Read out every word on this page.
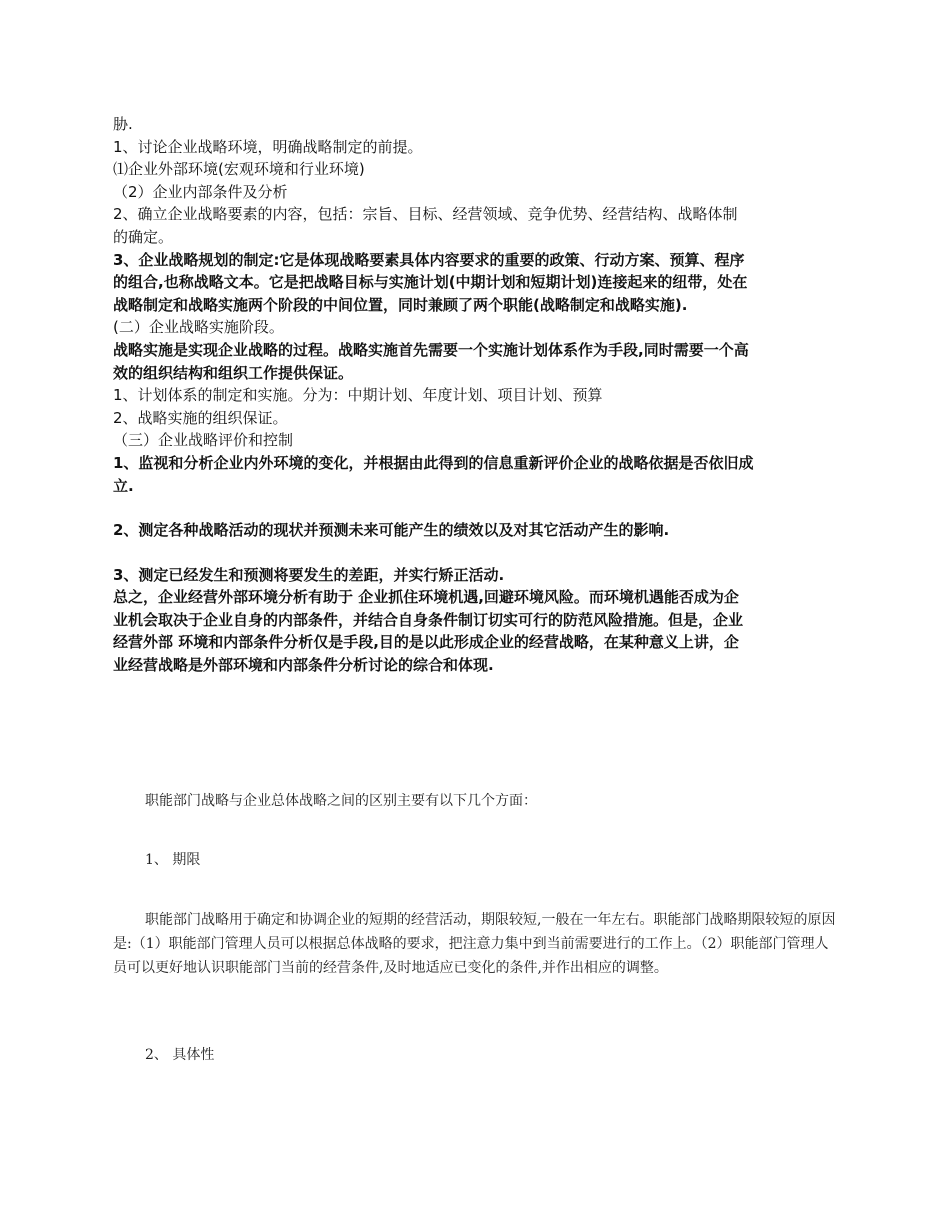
胁.
1、讨论企业战略环境，明确战略制定的前提。
⑴企业外部环境(宏观环境和行业环境)
（2）企业内部条件及分析
2、确立企业战略要素的内容，包括：宗旨、目标、经营领域、竞争优势、经营结构、战略体制
的确定。
3、企业战略规划的制定:它是体现战略要素具体内容要求的重要的政策、行动方案、预算、程序
的组合,也称战略文本。它是把战略目标与实施计划(中期计划和短期计划)连接起来的纽带，处在
战略制定和战略实施两个阶段的中间位置，同时兼顾了两个职能(战略制定和战略实施).
(二）企业战略实施阶段。
战略实施是实现企业战略的过程。战略实施首先需要一个实施计划体系作为手段,同时需要一个高
效的组织结构和组织工作提供保证。
1、计划体系的制定和实施。分为：中期计划、年度计划、项目计划、预算
2、战略实施的组织保证。
（三）企业战略评价和控制
1、监视和分析企业内外环境的变化，并根据由此得到的信息重新评价企业的战略依据是否依旧成
立.
2、测定各种战略活动的现状并预测未来可能产生的绩效以及对其它活动产生的影响.
3、测定已经发生和预测将要发生的差距，并实行矫正活动.
总之，企业经营外部环境分析有助于 企业抓住环境机遇,回避环境风险。而环境机遇能否成为企
业机会取决于企业自身的内部条件，并结合自身条件制订切实可行的防范风险措施。但是，企业
经营外部 环境和内部条件分析仅是手段,目的是以此形成企业的经营战略，在某种意义上讲，企
业经营战略是外部环境和内部条件分析讨论的综合和体现.

职能部门战略与企业总体战略之间的区别主要有以下几个方面：

1、 期限

职能部门战略用于确定和协调企业的短期的经营活动，期限较短,一般在一年左右。职能部门战略期限较短的原因是:（1）职能部门管理人员可以根据总体战略的要求，把注意力集中到当前需要进行的工作上。（2）职能部门管理人员可以更好地认识职能部门当前的经营条件,及时地适应已变化的条件,并作出相应的调整。

2、 具体性
